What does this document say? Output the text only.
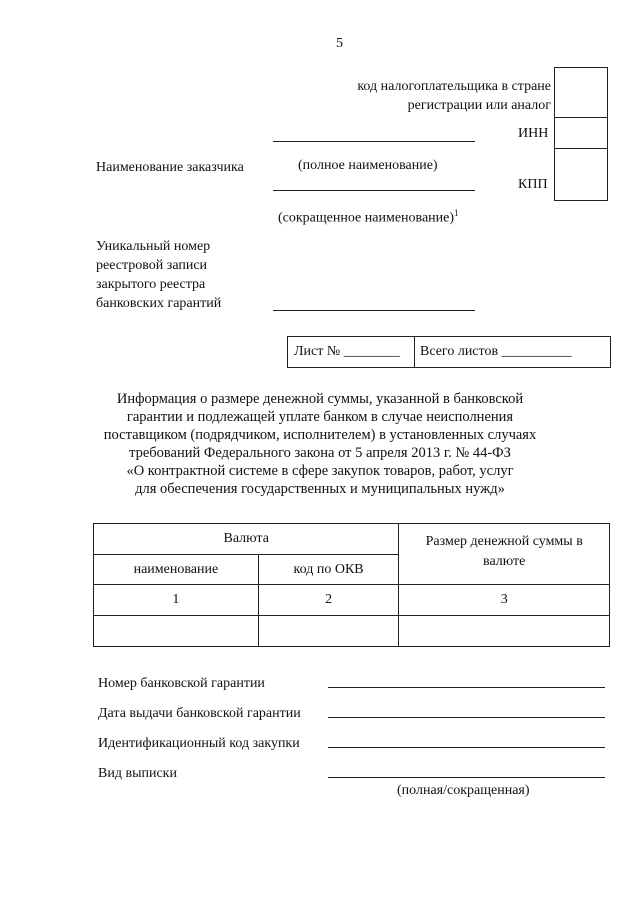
5
код налогоплательщика в стране
регистрации или аналог
ИНН
КПП
Наименование заказчика	(полное наименование)
(сокращенное наименование)$^1$
Уникальный номер
реестровой записи
закрытого реестра
банковских гарантий
Лист № ________ Всего листов __________
Информация о размере денежной суммы, указанной в банковской
гарантии и подлежащей уплате банком в случае неисполнения
поставщиком (подрядчиком, исполнителем) в установленных случаях
требований Федерального закона от 5 апреля 2013 г. № 44-ФЗ
«О контрактной системе в сфере закупок товаров, работ, услуг
для обеспечения государственных и муниципальных нужд»
Валюта		Размер денежной суммы в
валюте

наименование	код по ОКВ	
1	2	3

Номер банковской гарантии
Дата выдачи банковской гарантии
Идентификационный код закупки
Вид выписки
(полная/сокращенная)
